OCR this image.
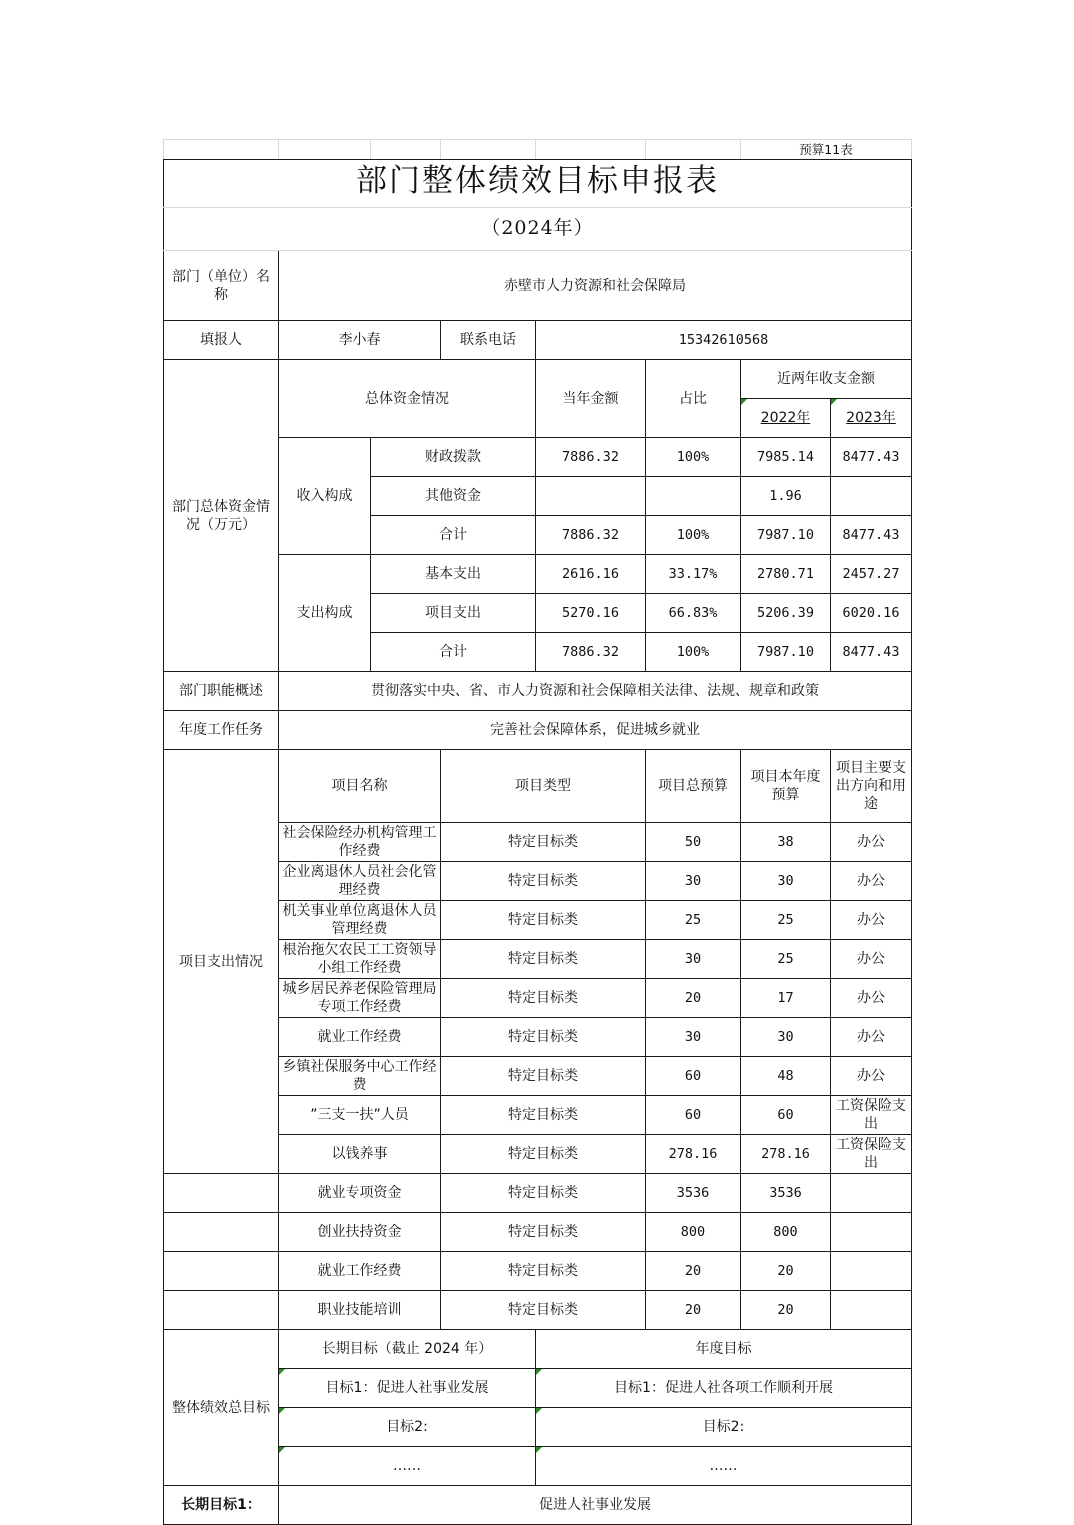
						预算11表	
部门整体绩效目标申报表							
（2024年）							
部门（单位）名称	赤壁市人力资源和社会保障局						
填报人	李小春		联系电话	15342610568			
部门总体资金情况（万元）	总体资金情况			当年金额	占比	近两年收支金额	
						2022年	2023年
	收入构成	财政拨款		7886.32	100%	7985.14	8477.43
		其他资金				1.96	
		合计		7886.32	100%	7987.10	8477.43
	支出构成	基本支出		2616.16	33.17%	2780.71	2457.27
		项目支出		5270.16	66.83%	5206.39	6020.16
		合计		7886.32	100%	7987.10	8477.43
部门职能概述	贯彻落实中央、省、市人力资源和社会保障相关法律、法规、规章和政策						
年度工作任务	完善社会保障体系，促进城乡就业						
项目支出情况	项目名称		项目类型		项目总预算	项目本年度预算	项目主要支出方向和用途
	社会保险经办机构管理工作经费		特定目标类		50	38	办公
	企业离退休人员社会化管理经费		特定目标类		30	30	办公
	机关事业单位离退休人员管理经费		特定目标类		25	25	办公
	根治拖欠农民工工资领导小组工作经费		特定目标类		30	25	办公
	城乡居民养老保险管理局专项工作经费		特定目标类		20	17	办公
	就业工作经费		特定目标类		30	30	办公
	乡镇社保服务中心工作经费		特定目标类		60	48	办公
	”三支一扶”人员		特定目标类		60	60	工资保险支出
	以钱养事		特定目标类		278.16	278.16	工资保险支出
	就业专项资金		特定目标类		3536	3536	
	创业扶持资金		特定目标类		800	800	
	就业工作经费		特定目标类		20	20	
	职业技能培训		特定目标类		20	20	
整体绩效总目标	长期目标（截止 2024 年）			年度目标			
	目标1：促进人社事业发展			目标1：促进人社各项工作顺利开展			
	目标2:			目标2:			
	……			……			
长期目标1：	促进人社事业发展						
